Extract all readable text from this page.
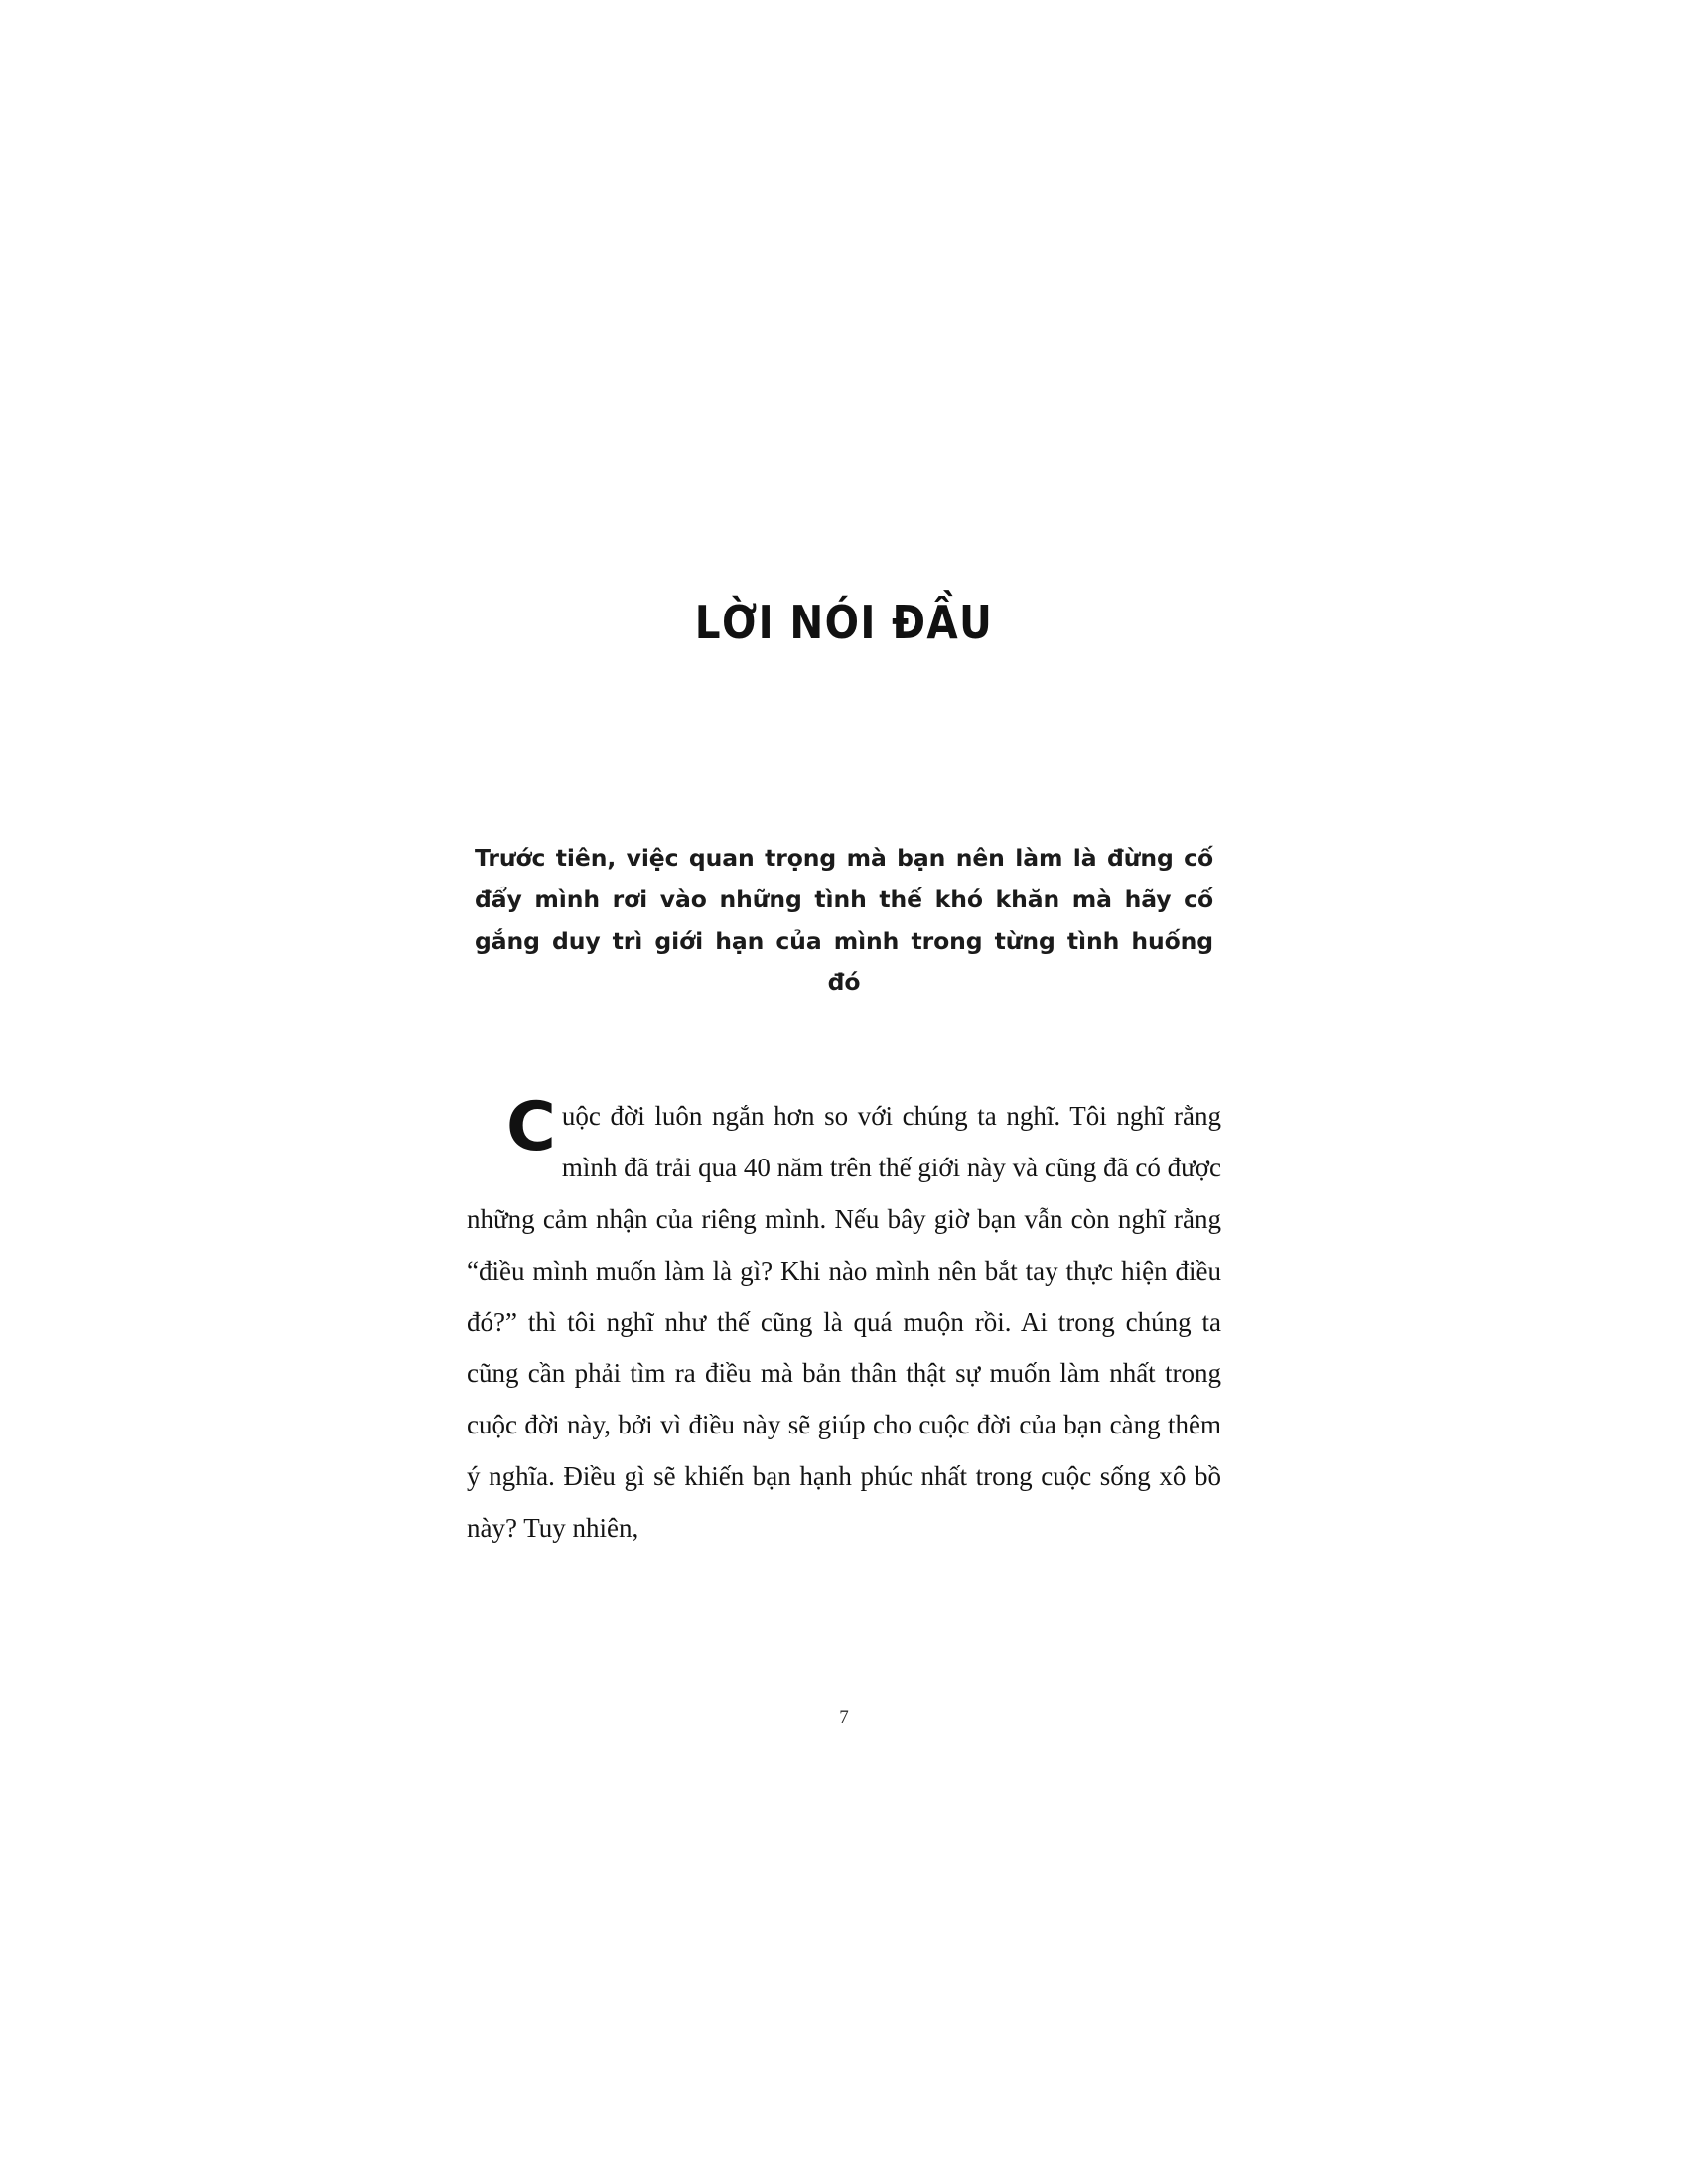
LỜI NÓI ĐẦU
Trước tiên, việc quan trọng mà bạn nên làm là đừng cố đẩy mình rơi vào những tình thế khó khăn mà hãy cố gắng duy trì giới hạn của mình trong từng tình huống đó
C uộc đời luôn ngắn hơn so với chúng ta nghĩ. Tôi nghĩ rằng mình đã trải qua 40 năm trên thế giới này và cũng đã có được những cảm nhận của riêng mình. Nếu bây giờ bạn vẫn còn nghĩ rằng “điều mình muốn làm là gì? Khi nào mình nên bắt tay thực hiện điều đó?” thì tôi nghĩ như thế cũng là quá muộn rồi. Ai trong chúng ta cũng cần phải tìm ra điều mà bản thân thật sự muốn làm nhất trong cuộc đời này, bởi vì điều này sẽ giúp cho cuộc đời của bạn càng thêm ý nghĩa. Điều gì sẽ khiến bạn hạnh phúc nhất trong cuộc sống xô bồ này? Tuy nhiên,

7
